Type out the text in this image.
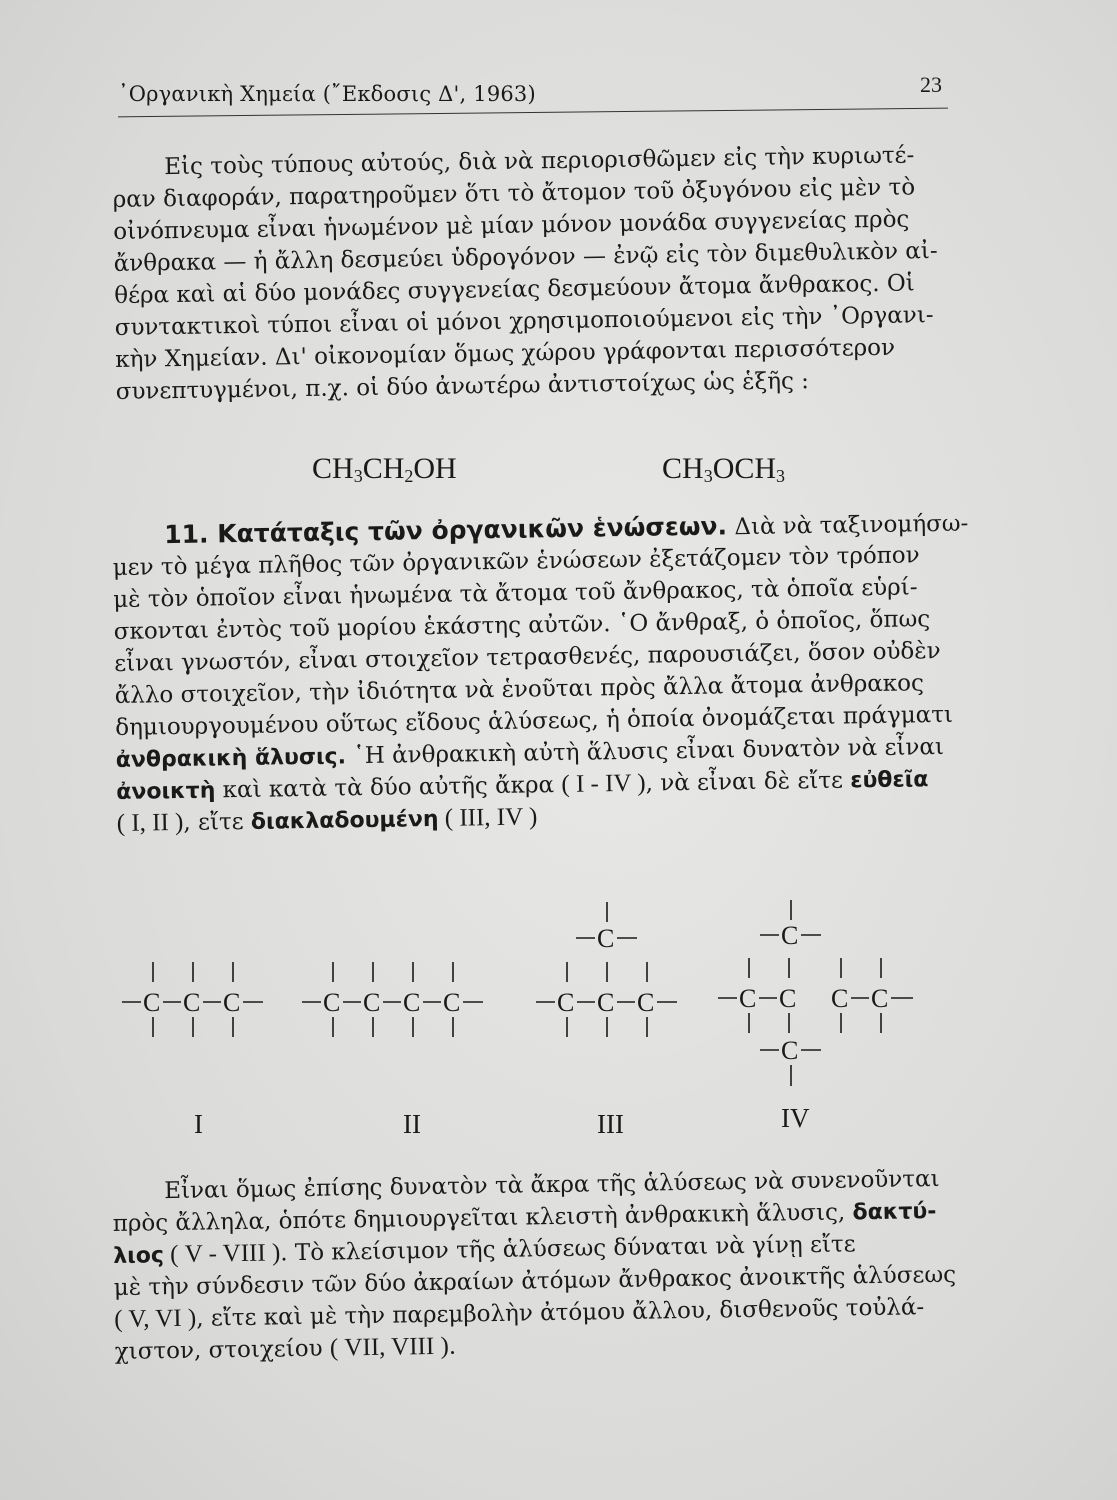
᾽Οργανικὴ Χημεία (῎Εκδοσις Δ', 1963)	23
Εἰς τοὺς τύπους αὐτούς, διὰ νὰ περιορισθῶμεν εἰς τὴν κυριωτέ-
ραν διαφοράν, παρατηροῦμεν ὅτι τὸ ἄτομον τοῦ ὀξυγόνου εἰς μὲν τὸ
οἰνόπνευμα εἶναι ἡνωμένον μὲ μίαν μόνον μονάδα συγγενείας πρὸς
ἄνθρακα — ἡ ἄλλη δεσμεύει ὑδρογόνον — ἐνῷ εἰς τὸν διμεθυλικὸν αἰ-
θέρα καὶ αἱ δύο μονάδες συγγενείας δεσμεύουν ἄτομα ἄνθρακος. Οἱ
συντακτικοὶ τύποι εἶναι οἱ μόνοι χρησιμοποιούμενοι εἰς τὴν ᾽Οργανι-
κὴν Χημείαν. Δι' οἰκονομίαν ὅμως χώρου γράφονται περισσότερον
συνεπτυγμένοι, π.χ. οἱ δύο ἀνωτέρω ἀντιστοίχως ὡς ἑξῆς :
$CH_3CH_2OH$	$CH_3OCH_3$
11. Κατάταξις τῶν ὀργανικῶν ἑνώσεων. Διὰ νὰ ταξινομήσω-
μεν τὸ μέγα πλῆθος τῶν ὀργανικῶν ἑνώσεων ἐξετάζομεν τὸν τρόπον
μὲ τὸν ὁποῖον εἶναι ἡνωμένα τὰ ἄτομα τοῦ ἄνθρακος, τὰ ὁποῖα εὑρί-
σκονται ἐντὸς τοῦ μορίου ἑκάστης αὐτῶν. ῾Ο ἄνθραξ, ὁ ὁποῖος, ὅπως
εἶναι γνωστόν, εἶναι στοιχεῖον τετρασθενές, παρουσιάζει, ὅσον οὐδὲν
ἄλλο στοιχεῖον, τὴν ἰδιότητα νὰ ἑνοῦται πρὸς ἄλλα ἄτομα ἀνθρακος
δημιουργουμένου οὕτως εἴδους ἁλύσεως, ἡ ὁποία ὀνομάζεται πράγματι
ἀνθρακικὴ ἅλυσις. ῾Η ἀνθρακικὴ αὐτὴ ἅλυσις εἶναι δυνατὸν νὰ εἶναι
ἀνοικτὴ καὶ κατὰ τὰ δύο αὐτῆς ἄκρα ( I - IV ), νὰ εἶναι δὲ εἴτε εὐθεῖα
( I, II ), εἴτε διακλαδουμένη ( III, IV )
C C C
I
C C C C
II
C C C
C
III
C C C C
C
C
IV
Εἶναι ὅμως ἐπίσης δυνατὸν τὰ ἄκρα τῆς ἁλύσεως νὰ συνενοῦνται
πρὸς ἄλληλα, ὁπότε δημιουργεῖται κλειστὴ ἀνθρακικὴ ἅλυσις, δακτύ-
λιος ( V - VIII ). Τὸ κλείσιμον τῆς ἁλύσεως δύναται νὰ γίνῃ εἴτε
μὲ τὴν σύνδεσιν τῶν δύο ἀκραίων ἀτόμων ἄνθρακος ἀνοικτῆς ἁλύσεως
( V, VI ), εἴτε καὶ μὲ τὴν παρεμβολὴν ἀτόμου ἄλλου, δισθενοῦς τοὐλά-
χιστον, στοιχείου ( VII, VIII ).
